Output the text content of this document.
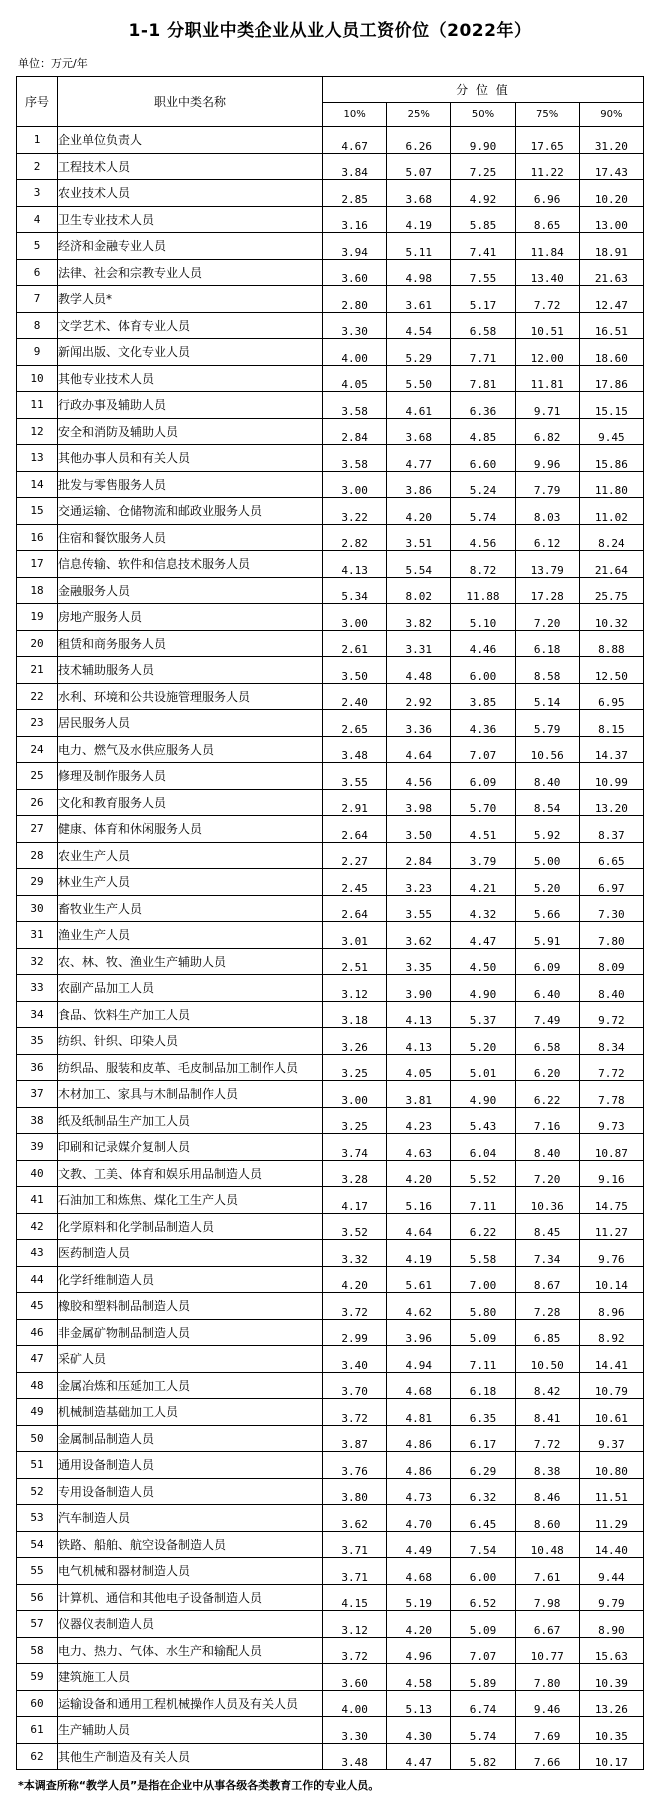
1-1 分职业中类企业从业人员工资价位（2022年）
单位：万元/年
序号	职业中类名称	分 位 值				
		10%	25%	50%	75%	90%
1	企业单位负责人	4.67	6.26	9.90	17.65	31.20
2	工程技术人员	3.84	5.07	7.25	11.22	17.43
3	农业技术人员	2.85	3.68	4.92	6.96	10.20
4	卫生专业技术人员	3.16	4.19	5.85	8.65	13.00
5	经济和金融专业人员	3.94	5.11	7.41	11.84	18.91
6	法律、社会和宗教专业人员	3.60	4.98	7.55	13.40	21.63
7	教学人员*	2.80	3.61	5.17	7.72	12.47
8	文学艺术、体育专业人员	3.30	4.54	6.58	10.51	16.51
9	新闻出版、文化专业人员	4.00	5.29	7.71	12.00	18.60
10	其他专业技术人员	4.05	5.50	7.81	11.81	17.86
11	行政办事及辅助人员	3.58	4.61	6.36	9.71	15.15
12	安全和消防及辅助人员	2.84	3.68	4.85	6.82	9.45
13	其他办事人员和有关人员	3.58	4.77	6.60	9.96	15.86
14	批发与零售服务人员	3.00	3.86	5.24	7.79	11.80
15	交通运输、仓储物流和邮政业服务人员	3.22	4.20	5.74	8.03	11.02
16	住宿和餐饮服务人员	2.82	3.51	4.56	6.12	8.24
17	信息传输、软件和信息技术服务人员	4.13	5.54	8.72	13.79	21.64
18	金融服务人员	5.34	8.02	11.88	17.28	25.75
19	房地产服务人员	3.00	3.82	5.10	7.20	10.32
20	租赁和商务服务人员	2.61	3.31	4.46	6.18	8.88
21	技术辅助服务人员	3.50	4.48	6.00	8.58	12.50
22	水利、环境和公共设施管理服务人员	2.40	2.92	3.85	5.14	6.95
23	居民服务人员	2.65	3.36	4.36	5.79	8.15
24	电力、燃气及水供应服务人员	3.48	4.64	7.07	10.56	14.37
25	修理及制作服务人员	3.55	4.56	6.09	8.40	10.99
26	文化和教育服务人员	2.91	3.98	5.70	8.54	13.20
27	健康、体育和休闲服务人员	2.64	3.50	4.51	5.92	8.37
28	农业生产人员	2.27	2.84	3.79	5.00	6.65
29	林业生产人员	2.45	3.23	4.21	5.20	6.97
30	畜牧业生产人员	2.64	3.55	4.32	5.66	7.30
31	渔业生产人员	3.01	3.62	4.47	5.91	7.80
32	农、林、牧、渔业生产辅助人员	2.51	3.35	4.50	6.09	8.09
33	农副产品加工人员	3.12	3.90	4.90	6.40	8.40
34	食品、饮料生产加工人员	3.18	4.13	5.37	7.49	9.72
35	纺织、针织、印染人员	3.26	4.13	5.20	6.58	8.34
36	纺织品、服装和皮革、毛皮制品加工制作人员	3.25	4.05	5.01	6.20	7.72
37	木材加工、家具与木制品制作人员	3.00	3.81	4.90	6.22	7.78
38	纸及纸制品生产加工人员	3.25	4.23	5.43	7.16	9.73
39	印刷和记录媒介复制人员	3.74	4.63	6.04	8.40	10.87
40	文教、工美、体育和娱乐用品制造人员	3.28	4.20	5.52	7.20	9.16
41	石油加工和炼焦、煤化工生产人员	4.17	5.16	7.11	10.36	14.75
42	化学原料和化学制品制造人员	3.52	4.64	6.22	8.45	11.27
43	医药制造人员	3.32	4.19	5.58	7.34	9.76
44	化学纤维制造人员	4.20	5.61	7.00	8.67	10.14
45	橡胶和塑料制品制造人员	3.72	4.62	5.80	7.28	8.96
46	非金属矿物制品制造人员	2.99	3.96	5.09	6.85	8.92
47	采矿人员	3.40	4.94	7.11	10.50	14.41
48	金属冶炼和压延加工人员	3.70	4.68	6.18	8.42	10.79
49	机械制造基础加工人员	3.72	4.81	6.35	8.41	10.61
50	金属制品制造人员	3.87	4.86	6.17	7.72	9.37
51	通用设备制造人员	3.76	4.86	6.29	8.38	10.80
52	专用设备制造人员	3.80	4.73	6.32	8.46	11.51
53	汽车制造人员	3.62	4.70	6.45	8.60	11.29
54	铁路、船舶、航空设备制造人员	3.71	4.49	7.54	10.48	14.40
55	电气机械和器材制造人员	3.71	4.68	6.00	7.61	9.44
56	计算机、通信和其他电子设备制造人员	4.15	5.19	6.52	7.98	9.79
57	仪器仪表制造人员	3.12	4.20	5.09	6.67	8.90
58	电力、热力、气体、水生产和输配人员	3.72	4.96	7.07	10.77	15.63
59	建筑施工人员	3.60	4.58	5.89	7.80	10.39
60	运输设备和通用工程机械操作人员及有关人员	4.00	5.13	6.74	9.46	13.26
61	生产辅助人员	3.30	4.30	5.74	7.69	10.35
62	其他生产制造及有关人员	3.48	4.47	5.82	7.66	10.17
*本调查所称“教学人员”是指在企业中从事各级各类教育工作的专业人员。
